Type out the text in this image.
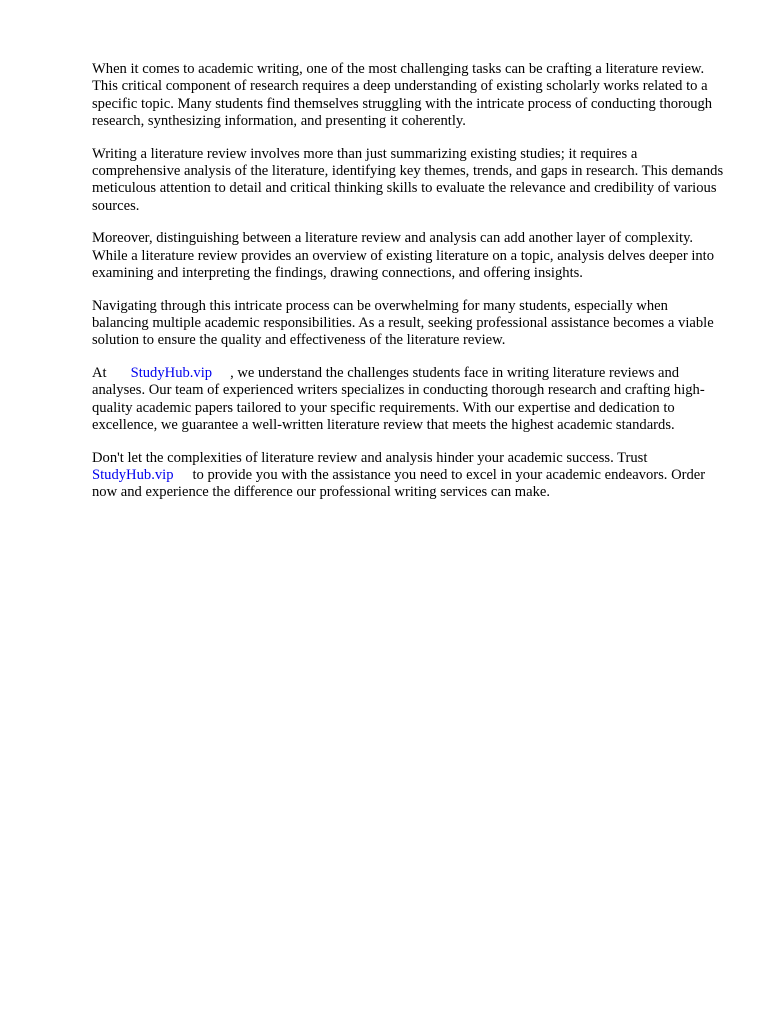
When it comes to academic writing, one of the most challenging tasks can be crafting a literature review. This critical component of research requires a deep understanding of existing scholarly works related to a specific topic. Many students find themselves struggling with the intricate process of conducting thorough research, synthesizing information, and presenting it coherently.

Writing a literature review involves more than just summarizing existing studies; it requires a comprehensive analysis of the literature, identifying key themes, trends, and gaps in research. This demands meticulous attention to detail and critical thinking skills to evaluate the relevance and credibility of various sources.

Moreover, distinguishing between a literature review and analysis can add another layer of complexity. While a literature review provides an overview of existing literature on a topic, analysis delves deeper into examining and interpreting the findings, drawing connections, and offering insights.

Navigating through this intricate process can be overwhelming for many students, especially when balancing multiple academic responsibilities. As a result, seeking professional assistance becomes a viable solution to ensure the quality and effectiveness of the literature review.

At StudyHub.vip , we understand the challenges students face in writing literature reviews and analyses. Our team of experienced writers specializes in conducting thorough research and crafting high-quality academic papers tailored to your specific requirements. With our expertise and dedication to excellence, we guarantee a well-written literature review that meets the highest academic standards.

Don't let the complexities of literature review and analysis hinder your academic success. Trust StudyHub.vip to provide you with the assistance you need to excel in your academic endeavors. Order now and experience the difference our professional writing services can make.
